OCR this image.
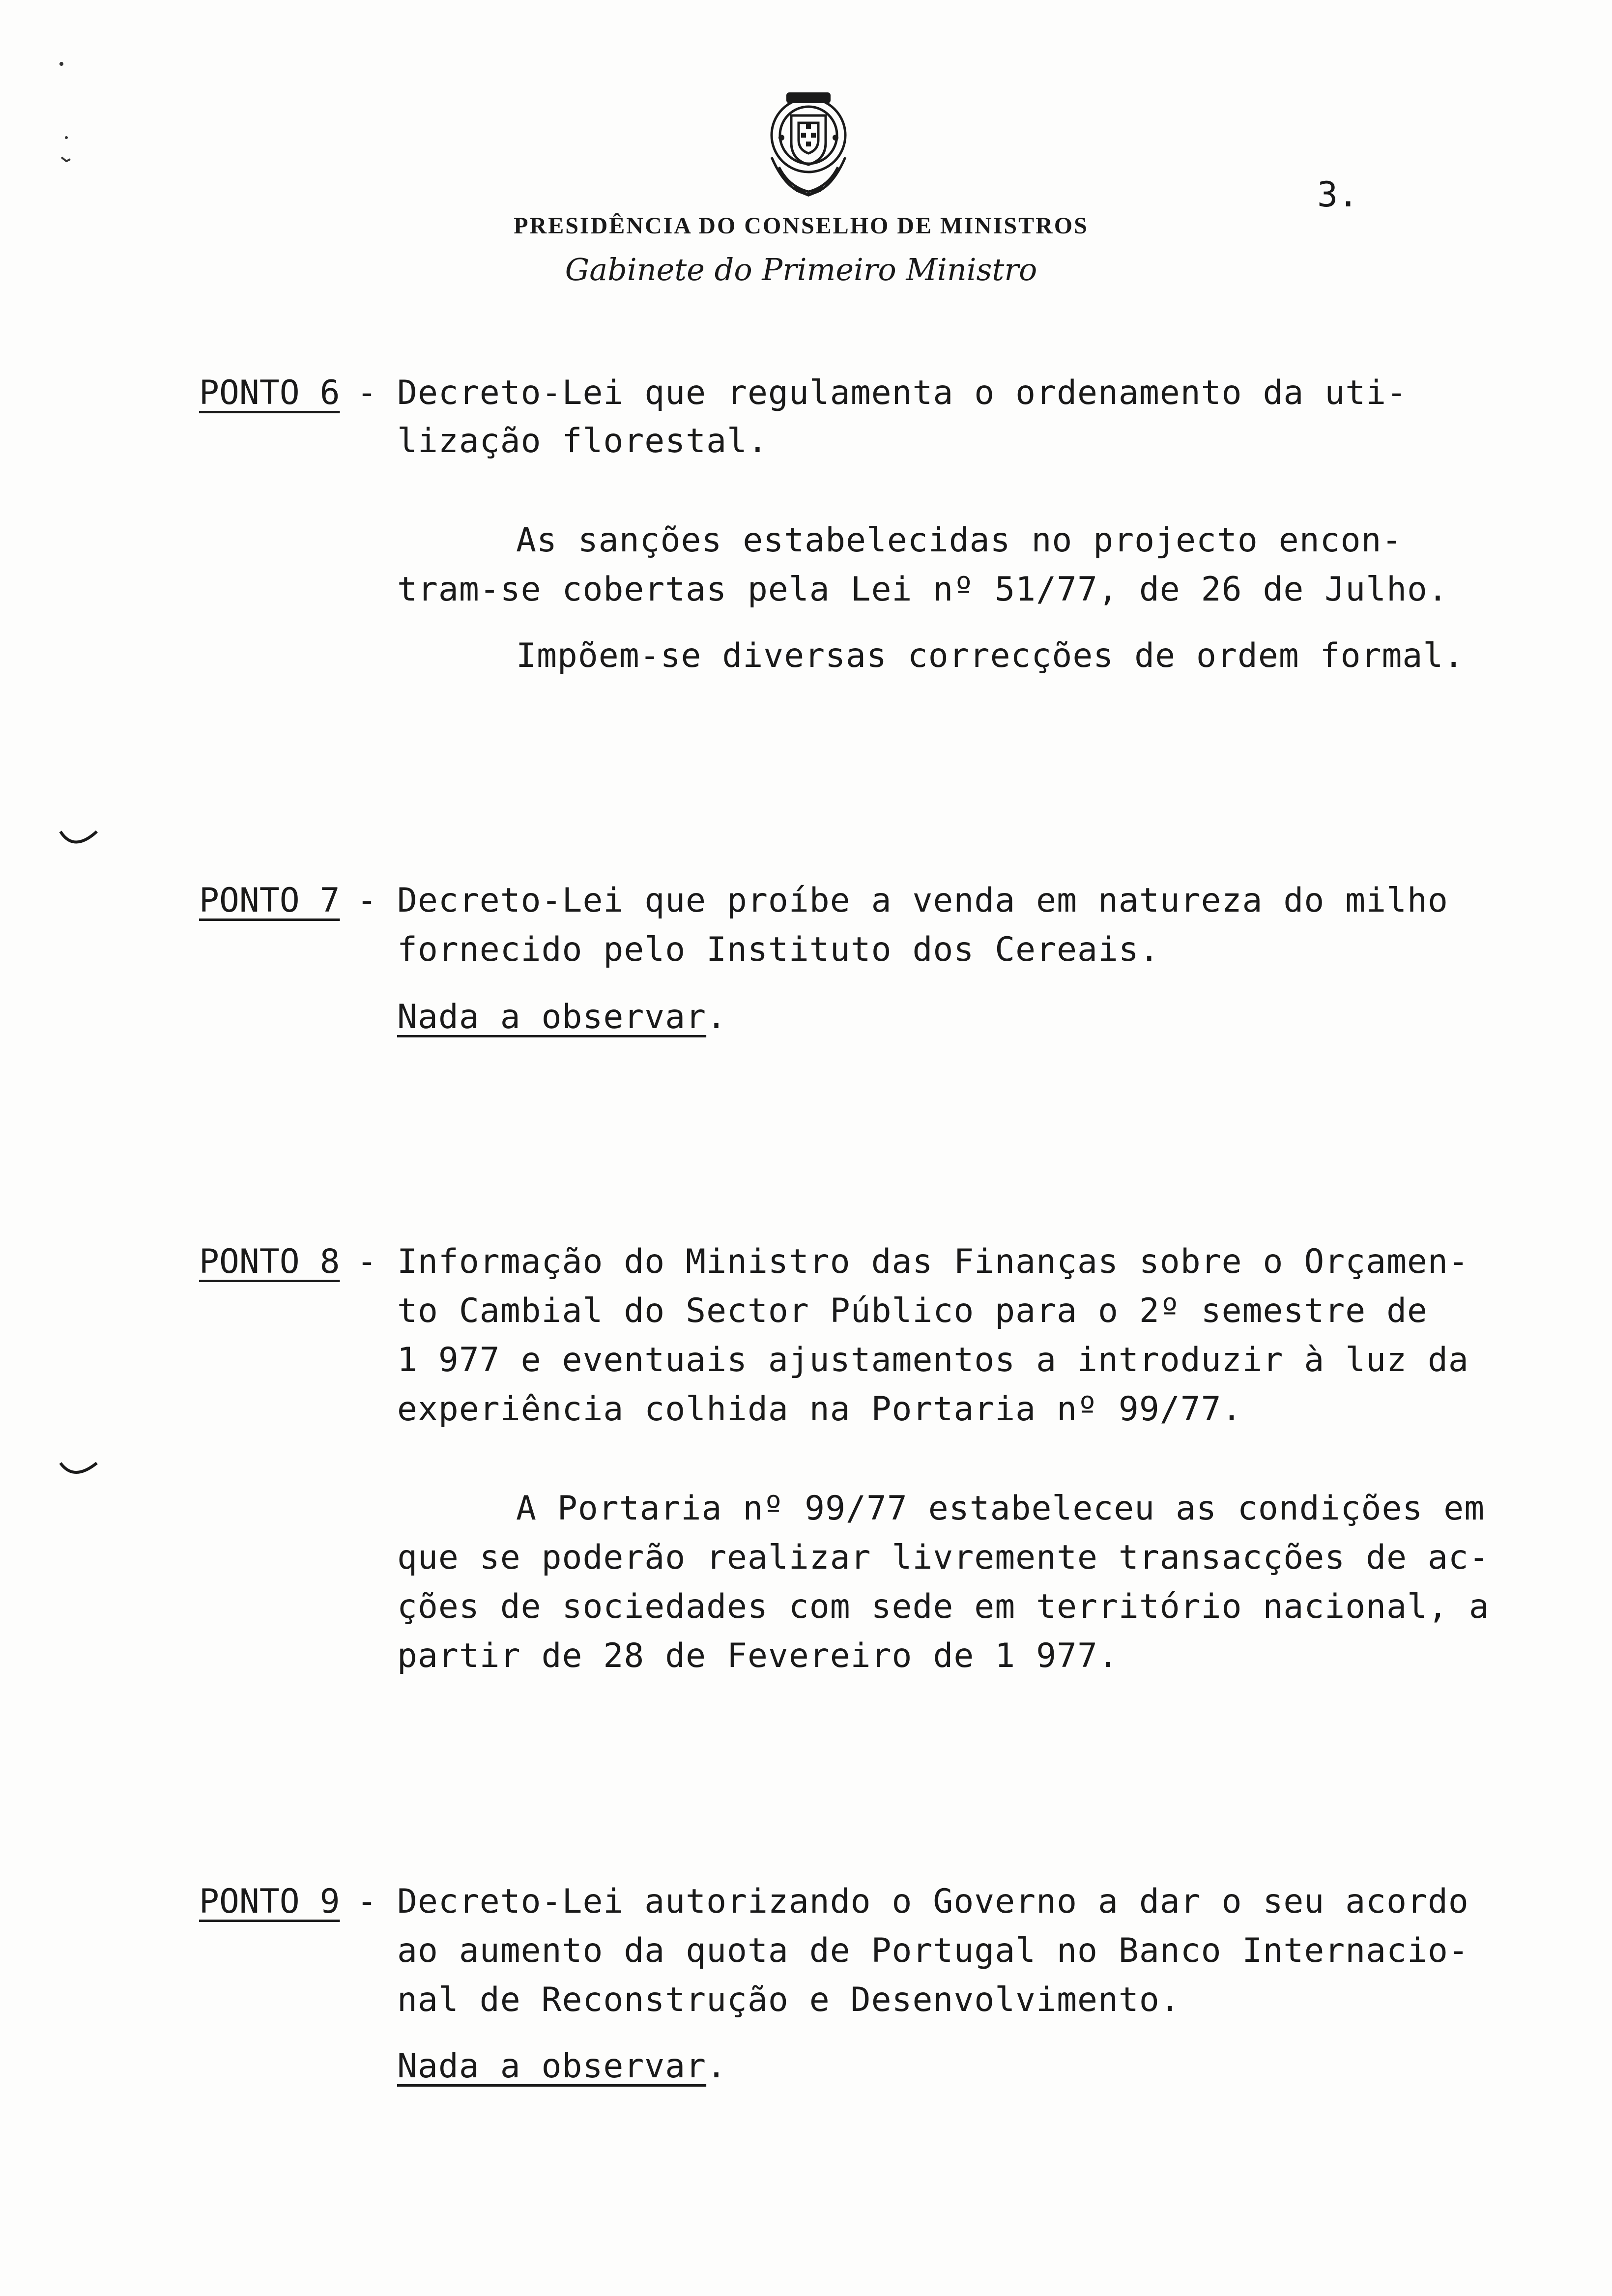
PRESIDÊNCIA DO CONSELHO DE MINISTROS
Gabinete do Primeiro Ministro
3.
PONTO 6 - Decreto-Lei que regulamenta o ordenamento da uti-
lização florestal.
As sanções estabelecidas no projecto encon-
tram-se cobertas pela Lei nº 51/77, de 26 de Julho.
Impõem-se diversas correcções de ordem formal.
PONTO 7 - Decreto-Lei que proíbe a venda em natureza do milho
fornecido pelo Instituto dos Cereais.
Nada a observar.
PONTO 8 - Informação do Ministro das Finanças sobre o Orçamen-
to Cambial do Sector Público para o 2º semestre de
1 977 e eventuais ajustamentos a introduzir à luz da
experiência colhida na Portaria nº 99/77.
A Portaria nº 99/77 estabeleceu as condições em
que se poderão realizar livremente transacções de ac-
ções de sociedades com sede em território nacional, a
partir de 28 de Fevereiro de 1 977.
PONTO 9 - Decreto-Lei autorizando o Governo a dar o seu acordo
ao aumento da quota de Portugal no Banco Internacio-
nal de Reconstrução e Desenvolvimento.
Nada a observar.
